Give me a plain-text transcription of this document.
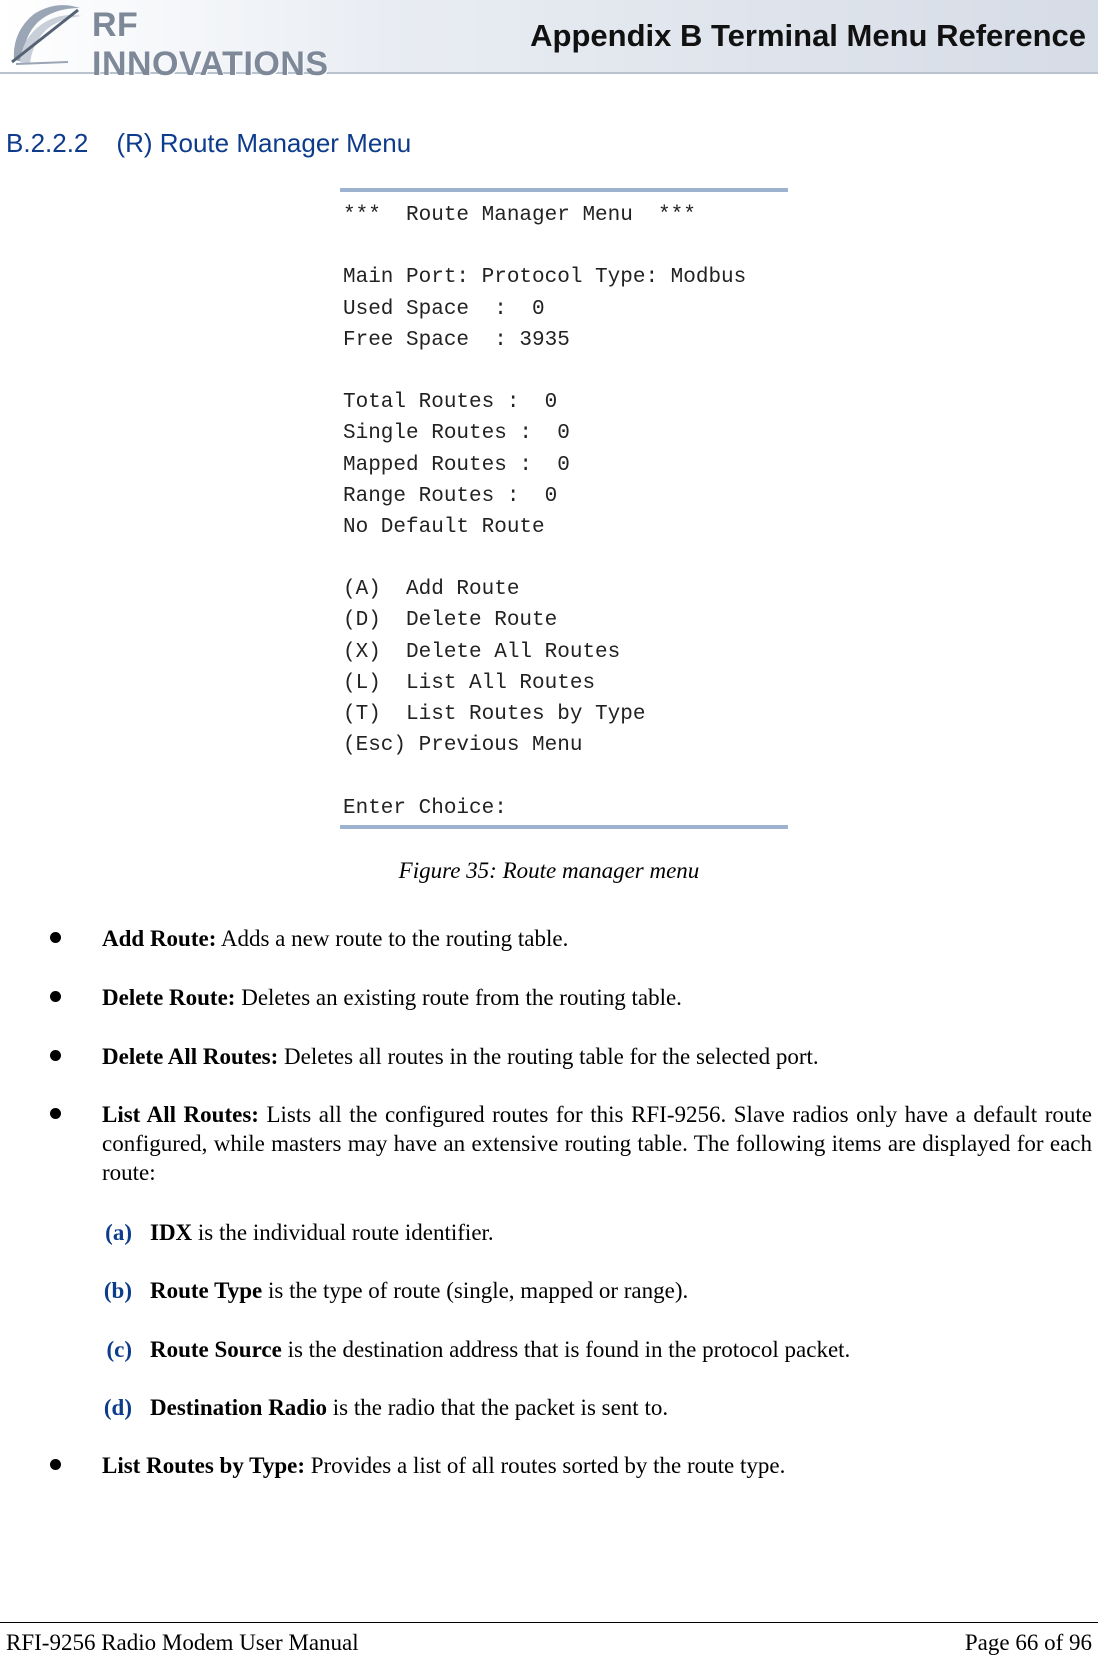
RF INNOVATIONS
Appendix B Terminal Menu Reference
B.2.2.2 (R) Route Manager Menu
***  Route Manager Menu  ***
Main Port: Protocol Type: Modbus
Used Space  :  0
Free Space  : 3935
Total Routes :  0
Single Routes :  0
Mapped Routes :  0
Range Routes :  0
No Default Route
(A)  Add Route
(D)  Delete Route
(X)  Delete All Routes
(L)  List All Routes
(T)  List Routes by Type
(Esc) Previous Menu
Enter Choice:
Figure 35: Route manager menu
Add Route: Adds a new route to the routing table.
Delete Route: Deletes an existing route from the routing table.
Delete All Routes: Deletes all routes in the routing table for the selected port.
List All Routes: Lists all the configured routes for this RFI-9256. Slave radios only have a default route configured, while masters may have an extensive routing table. The following items are displayed for each route:
(a) IDX is the individual route identifier.
(b) Route Type is the type of route (single, mapped or range).
(c) Route Source is the destination address that is found in the protocol packet.
(d) Destination Radio is the radio that the packet is sent to.
List Routes by Type: Provides a list of all routes sorted by the route type.
RFI-9256 Radio Modem User Manual	Page 66 of 96
